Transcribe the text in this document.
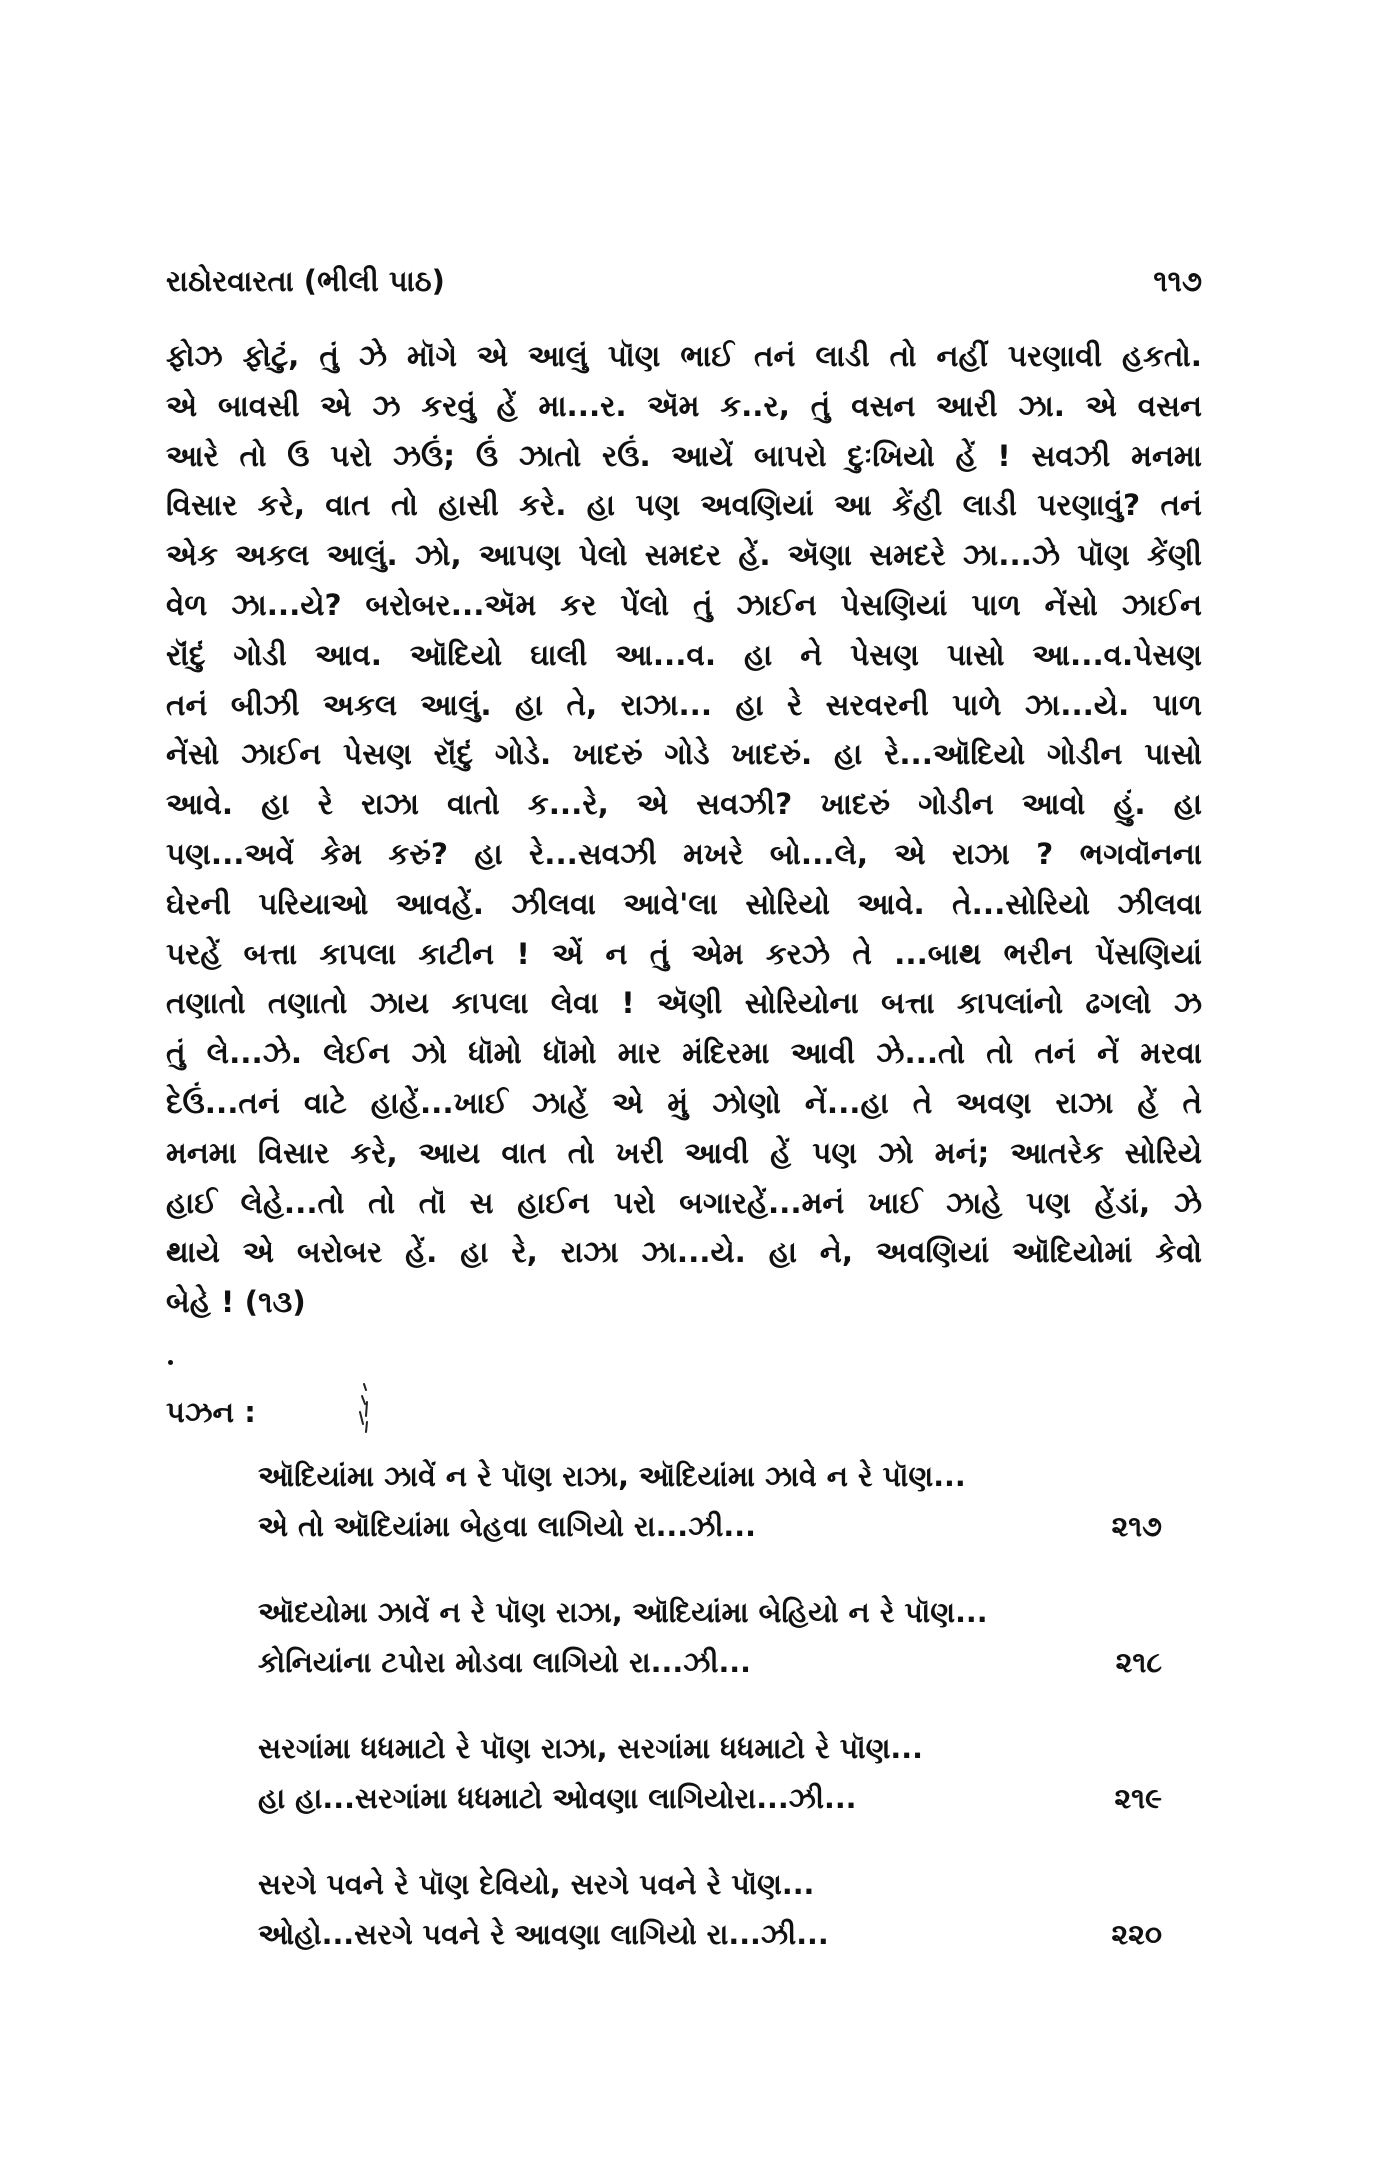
રાઠોરવારતા (ભીલી પાઠ)	૧૧૭
ફોઝ ફોટું, તું ઝે મૉગે એ આલું પૉણ ભાઈ તનં લાડી તો નહીં પરણાવી હકતો.
એ બાવસી એ ઝ કરવું હેં મા...ર. ઍમ ક..ર, તું વસન આરી ઝા. એ વસન
આરે તો ઉ પરો ઝઉં; ઉં ઝાતો રઉં. આયેં બાપરો દુઃખિયો હેં ! સવઝી મનમા
વિસાર કરે, વાત તો હાસી કરે. હા પણ અવણિયાં આ કેંહી લાડી પરણાવું? તનં
એક અકલ આલું. ઝો, આપણ પેલો સમદર હેં. ઍણા સમદરે ઝા...ઝે પૉણ કેંણી
વેળ ઝા...યે? બરોબર...ઍમ કર પેંલો તું ઝાઈન પેસણિયાં પાળ નેંસો ઝાઈન
રૉંદું ગોડી આવ. ઑદિયો ઘાલી આ...વ. હા ને પેસણ પાસો આ...વ.પેસણ
તનં બીઝી અકલ આલું. હા તે, રાઝા... હા રે સરવરની પાળે ઝા...યે. પાળ
નેંસો ઝાઈન પેસણ રૉંદું ગોડે. ખાદરું ગોડે ખાદરું. હા રે...ઑદિયો ગોડીન પાસો
આવે. હા રે રાઝા વાતો ક...રે, એ સવઝી? ખાદરું ગોડીન આવો હું. હા
પણ...અવેં કેમ કરું? હા રે...સવઝી મખરે બો...લે, એ રાઝા ? ભગવૉનના
ઘેરની પરિયાઓ આવહેં. ઝીલવા આવે'લા સોરિયો આવે. તે...સોરિયો ઝીલવા
પરહેં બત્તા કાપલા કાટીન ! એં ન તું એમ કરઝે તે ...બાથ ભરીન પેંસણિયાં
તણાતો તણાતો ઝાય કાપલા લેવા ! ઍણી સોરિયોના બત્તા કાપલાંનો ઢગલો ઝ
તું લે...ઝે. લેઈન ઝો ધૉમો ધૉમો માર મંદિરમા આવી ઝે...તો તો તનં નેં મરવા
દેઉં...તનં વાટે હાહેં...ખાઈ ઝાહેં એ મું ઝોણો નેં...હા તે અવણ રાઝા હેં તે
મનમા વિસાર કરે, આય વાત તો ખરી આવી હેં પણ ઝો મનં; આતરેક સોરિયે
હાઈ લેહે...તો તો તૉ સ હાઈન પરો બગારહેં...મનં ખાઈ ઝાહે પણ હેંડાં, ઝે
થાયે એ બરોબર હેં. હા રે, રાઝા ઝા...યે. હા ને, અવણિયાં ઑદિયોમાં કેવો
બેહે ! (૧૩)
પઝન :
ઑદિયાંમા ઝાવેં ન રે પૉણ રાઝા, ઑદિયાંમા ઝાવે ન રે પૉણ...
એ તો ઑદિયાંમા બેહવા લાગિયો રા...ઝી...	૨૧૭
ઑદયોમા ઝાવેં ન રે પૉણ રાઝા, ઑદિયાંમા બેહિયો ન રે પૉણ...
કોનિયાંના ટપોરા મોડવા લાગિયો રા...ઝી...	૨૧૮
સરગાંમા ધધમાટો રે પૉણ રાઝા, સરગાંમા ધધમાટો રે પૉણ...
હા હા...સરગાંમા ધધમાટો ઓવણા લાગિયોરા...ઝી...	૨૧૯
સરગે પવને રે પૉણ દેવિયો, સરગે પવને રે પૉણ...
ઓહો...સરગે પવને રે આવણા લાગિયો રા...ઝી...	૨૨૦
